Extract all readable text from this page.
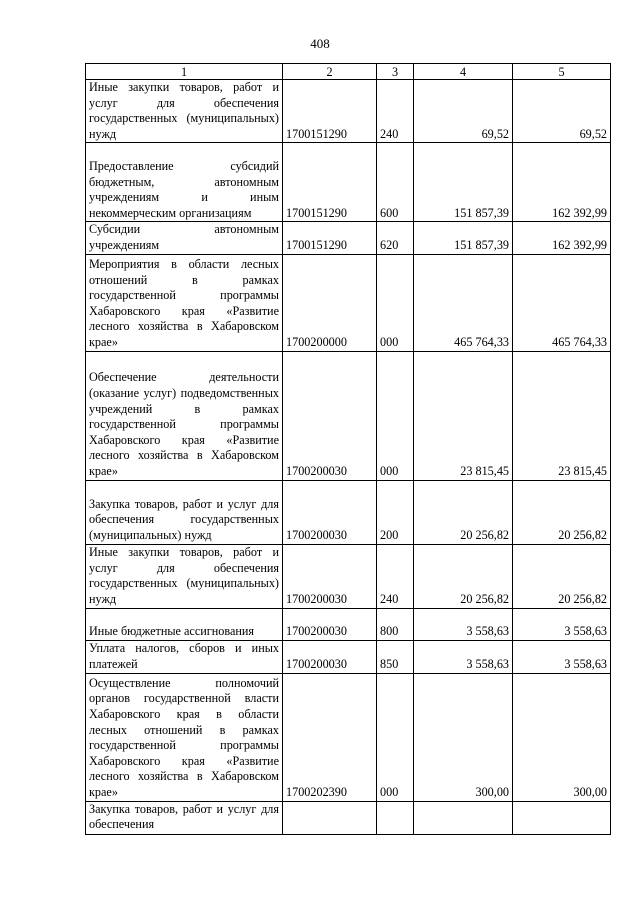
408
1	2	3	4	5
Иные закупки товаров, работ и услуг для обеспечения государственных (муниципальных) нужд	1700151290	240	69,52	69,52
Предоставление субсидий бюджетным, автономным учреждениям и иным некоммерческим организациям	1700151290	600	151 857,39	162 392,99
Субсидии автономным учреждениям	1700151290	620	151 857,39	162 392,99
Мероприятия в области лесных отношений в рамках государственной программы Хабаровского края «Развитие лесного хозяйства в Хабаровском крае»	1700200000	000	465 764,33	465 764,33
Обеспечение деятельности (оказание услуг) подведомственных учреждений в рамках государственной программы Хабаровского края «Развитие лесного хозяйства в Хабаровском крае»	1700200030	000	23 815,45	23 815,45
Закупка товаров, работ и услуг для обеспечения государственных (муниципальных) нужд	1700200030	200	20 256,82	20 256,82
Иные закупки товаров, работ и услуг для обеспечения государственных (муниципальных) нужд	1700200030	240	20 256,82	20 256,82
Иные бюджетные ассигнования	1700200030	800	3 558,63	3 558,63
Уплата налогов, сборов и иных платежей	1700200030	850	3 558,63	3 558,63
Осуществление полномочий органов государственной власти Хабаровского края в области лесных отношений в рамках государственной программы Хабаровского края «Развитие лесного хозяйства в Хабаровском крае»	1700202390	000	300,00	300,00
Закупка товаров, работ и услуг для обеспечения				
